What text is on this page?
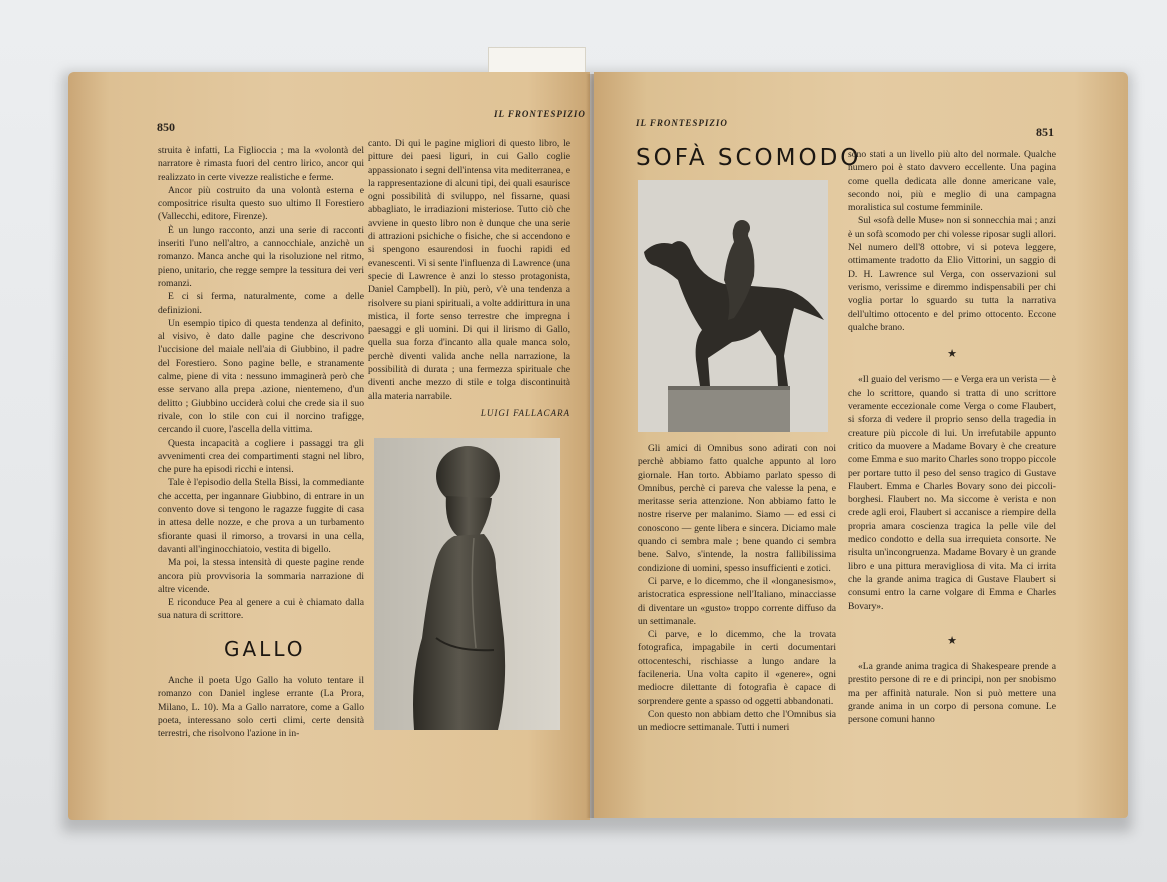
850
IL FRONTESPIZIO

struita è infatti, La Figlioccia ; ma la «volontà del narratore è rimasta fuori del centro lirico, ancor qui realizzato in certe vivezze realistiche e ferme.

Ancor più costruito da una volontà esterna e compositrice risulta questo suo ultimo Il Forestiero (Vallecchi, editore, Firenze).

È un lungo racconto, anzi una serie di racconti inseriti l'uno nell'altro, a cannocchiale, anzichè un romanzo. Manca anche qui la risoluzione nel ritmo, pieno, unitario, che regge sempre la tessitura dei veri romanzi.

E ci si ferma, naturalmente, come a delle definizioni.

Un esempio tipico di questa tendenza al definito, al visivo, è dato dalle pagine che descrivono l'uccisione del maiale nell'aia di Giubbino, il padre del Forestiero. Sono pagine belle, e stranamente calme, piene di vita : nessuno immaginerà però che esse servano alla prepa .azione, nientemeno, d'un delitto ; Giubbino ucciderà colui che crede sia il suo rivale, con lo stile con cui il norcino trafigge, cercando il cuore, l'ascella della vittima.

Questa incapacità a cogliere i passaggi tra gli avvenimenti crea dei compartimenti stagni nel libro, che pure ha episodi ricchi e intensi.

Tale è l'episodio della Stella Bissi, la commediante che accetta, per ingannare Giubbino, di entrare in un convento dove si tengono le ragazze fuggite di casa in attesa delle nozze, e che prova a un turbamento sfiorante quasi il rimorso, a trovarsi in una cella, davanti all'inginocchiatoio, vestita di bigello.

Ma poi, la stessa intensità di queste pagine rende ancora più provvisoria la sommaria narrazione di altre vicende.

E riconduce Pea al genere a cui è chiamato dalla sua natura di scrittore.

GALLO

Anche il poeta Ugo Gallo ha voluto tentare il romanzo con Daniel inglese errante (La Prora, Milano, L. 10). Ma a Gallo narratore, come a Gallo poeta, interessano solo certi climi, certe densità terrestri, che risolvono l'azione in in-

canto. Di qui le pagine migliori di questo libro, le pitture dei paesi liguri, in cui Gallo coglie appassionato i segni dell'intensa vita mediterranea, e la rappresentazione di alcuni tipi, dei quali esaurisce ogni possibilità di sviluppo, nel fissarne, quasi abbagliato, le irradiazioni misteriose. Tutto ciò che avviene in questo libro non è dunque che una serie di attrazioni psichiche o fisiche, che si accendono e si spengono esaurendosi in fuochi rapidi ed evanescenti. Vi si sente l'influenza di Lawrence (una specie di Lawrence è anzi lo stesso protagonista, Daniel Campbell). In più, però, v'è una tendenza a risolvere su piani spirituali, a volte addirittura in una mistica, il forte senso terrestre che impregna i paesaggi e gli uomini. Di qui il lirismo di Gallo, quella sua forza d'incanto alla quale manca solo, perchè diventi valida anche nella narrazione, la possibilità di durata ; una fermezza spirituale che diventi anche mezzo di stile e tolga discontinuità alla materia narrabile.

LUIGI FALLACARA
IL FRONTESPIZIO
851
SOFÀ SCOMODO

Gli amici di Omnibus sono adirati con noi perchè abbiamo fatto qualche appunto al loro giornale. Han torto. Abbiamo parlato spesso di Omnibus, perchè ci pareva che valesse la pena, e meritasse seria attenzione. Non abbiamo fatto le nostre riserve per malanimo. Siamo — ed essi ci conoscono — gente libera e sincera. Diciamo male quando ci sembra male ; bene quando ci sembra bene. Salvo, s'intende, la nostra fallibilissima condizione di uomini, spesso insufficienti e zotici.

Ci parve, e lo dicemmo, che il «longanesismo», aristocratica espressione nell'Italiano, minacciasse di diventare un «gusto» troppo corrente diffuso da un settimanale.

Ci parve, e lo dicemmo, che la trovata fotografica, impagabile in certi documentari ottocenteschi, rischiasse a lungo andare la facileneria. Una volta capito il «genere», ogni mediocre dilettante di fotografia è capace di sorprendere gente a spasso od oggetti abbandonati.

Con questo non abbiam detto che l'Omnibus sia un mediocre settimanale. Tutti i numeri

sono stati a un livello più alto del normale. Qualche numero poi è stato davvero eccellente. Una pagina come quella dedicata alle donne americane vale, secondo noi, più e meglio di una campagna moralistica sul costume femminile.

Sul «sofà delle Muse» non si sonnecchia mai ; anzi è un sofà scomodo per chi volesse riposar sugli allori. Nel numero dell'8 ottobre, vi si poteva leggere, ottimamente tradotto da Elio Vittorini, un saggio di D. H. Lawrence sul Verga, con osservazioni sul verismo, verissime e diremmo indispensabili per chi voglia portar lo sguardo su tutta la narrativa dell'ultimo ottocento e del primo ottocento. Eccone qualche brano.

★

«Il guaio del verismo — e Verga era un verista — è che lo scrittore, quando si tratta di uno scrittore veramente eccezionale come Verga o come Flaubert, si sforza di vedere il proprio senso della tragedia in creature più piccole di lui. Un irrefutabile appunto critico da muovere a Madame Bovary è che creature come Emma e suo marito Charles sono troppo piccole per portare tutto il peso del senso tragico di Gustave Flaubert. Emma e Charles Bovary sono dei piccoli-borghesi. Flaubert no. Ma siccome è verista e non crede agli eroi, Flaubert si accanisce a riempire della propria amara coscienza tragica la pelle vile del medico condotto e della sua irrequieta consorte. Ne risulta un'incongruenza. Madame Bovary è un grande libro e una pittura meravigliosa di vita. Ma ci irrita che la grande anima tragica di Gustave Flaubert si consumi entro la carne volgare di Emma e Charles Bovary».

★

«La grande anima tragica di Shakespeare prende a prestito persone di re e di principi, non per snobismo ma per affinità naturale. Non si può mettere una grande anima in un corpo di persona comune. Le persone comuni hanno
